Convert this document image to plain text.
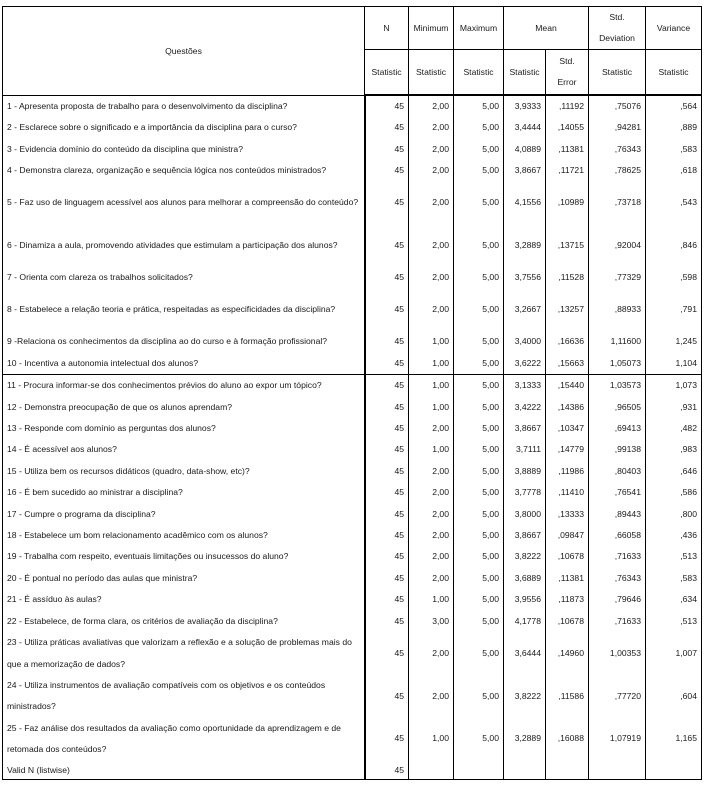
Questões	N	Minimum	Maximum	Mean		Std. Deviation	Variance
	Statistic	Statistic	Statistic	Statistic	Std. Error	Statistic	Statistic
1 - Apresenta proposta de trabalho para o desenvolvimento da disciplina?	45	2,00	5,00	3,9333	,11192	,75076	,564
2 - Esclarece sobre o significado e a importância da disciplina para o curso?	45	2,00	5,00	3,4444	,14055	,94281	,889
3 - Evidencia domínio do conteúdo da disciplina que ministra?	45	2,00	5,00	4,0889	,11381	,76343	,583
4 - Demonstra clareza, organização e sequência lógica nos conteúdos ministrados?	45	2,00	5,00	3,8667	,11721	,78625	,618
5 - Faz uso de linguagem acessível aos alunos para melhorar a compreensão do conteúdo?	45	2,00	5,00	4,1556	,10989	,73718	,543
6 - Dinamiza a aula, promovendo atividades que estimulam a participação dos alunos?	45	2,00	5,00	3,2889	,13715	,92004	,846
7 - Orienta com clareza os trabalhos solicitados?	45	2,00	5,00	3,7556	,11528	,77329	,598
8 - Estabelece a relação teoria e prática, respeitadas as especificidades da disciplina?	45	2,00	5,00	3,2667	,13257	,88933	,791
9 -Relaciona os conhecimentos da disciplina ao do curso e à formação profissional?	45	1,00	5,00	3,4000	,16636	1,11600	1,245
10 - Incentiva a autonomia intelectual dos alunos?	45	1,00	5,00	3,6222	,15663	1,05073	1,104
11 - Procura informar-se dos conhecimentos prévios do aluno ao expor um tópico?	45	1,00	5,00	3,1333	,15440	1,03573	1,073
12 - Demonstra preocupação de que os alunos aprendam?	45	1,00	5,00	3,4222	,14386	,96505	,931
13 - Responde com domínio as perguntas dos alunos?	45	2,00	5,00	3,8667	,10347	,69413	,482
14 - É acessível aos alunos?	45	1,00	5,00	3,7111	,14779	,99138	,983
15 - Utiliza bem os recursos didáticos (quadro, data-show, etc)?	45	2,00	5,00	3,8889	,11986	,80403	,646
16 - É bem sucedido ao ministrar a disciplina?	45	2,00	5,00	3,7778	,11410	,76541	,586
17 - Cumpre o programa da disciplina?	45	2,00	5,00	3,8000	,13333	,89443	,800
18 - Estabelece um bom relacionamento acadêmico com os alunos?	45	2,00	5,00	3,8667	,09847	,66058	,436
19 - Trabalha com respeito, eventuais limitações ou insucessos do aluno?	45	2,00	5,00	3,8222	,10678	,71633	,513
20 - É pontual no período das aulas que ministra?	45	2,00	5,00	3,6889	,11381	,76343	,583
21 - É assíduo às aulas?	45	1,00	5,00	3,9556	,11873	,79646	,634
22 - Estabelece, de forma clara, os critérios de avaliação da disciplina?	45	3,00	5,00	4,1778	,10678	,71633	,513
23 - Utiliza práticas avaliativas que valorizam a reflexão e a solução de problemas mais do que a memorização de dados?	45	2,00	5,00	3,6444	,14960	1,00353	1,007
24 - Utiliza instrumentos de avaliação compatíveis com os objetivos e os conteúdos ministrados?	45	2,00	5,00	3,8222	,11586	,77720	,604
25 - Faz análise dos resultados da avaliação como oportunidade da aprendizagem e de retomada dos conteúdos?	45	1,00	5,00	3,2889	,16088	1,07919	1,165
Valid N (listwise)	45						
